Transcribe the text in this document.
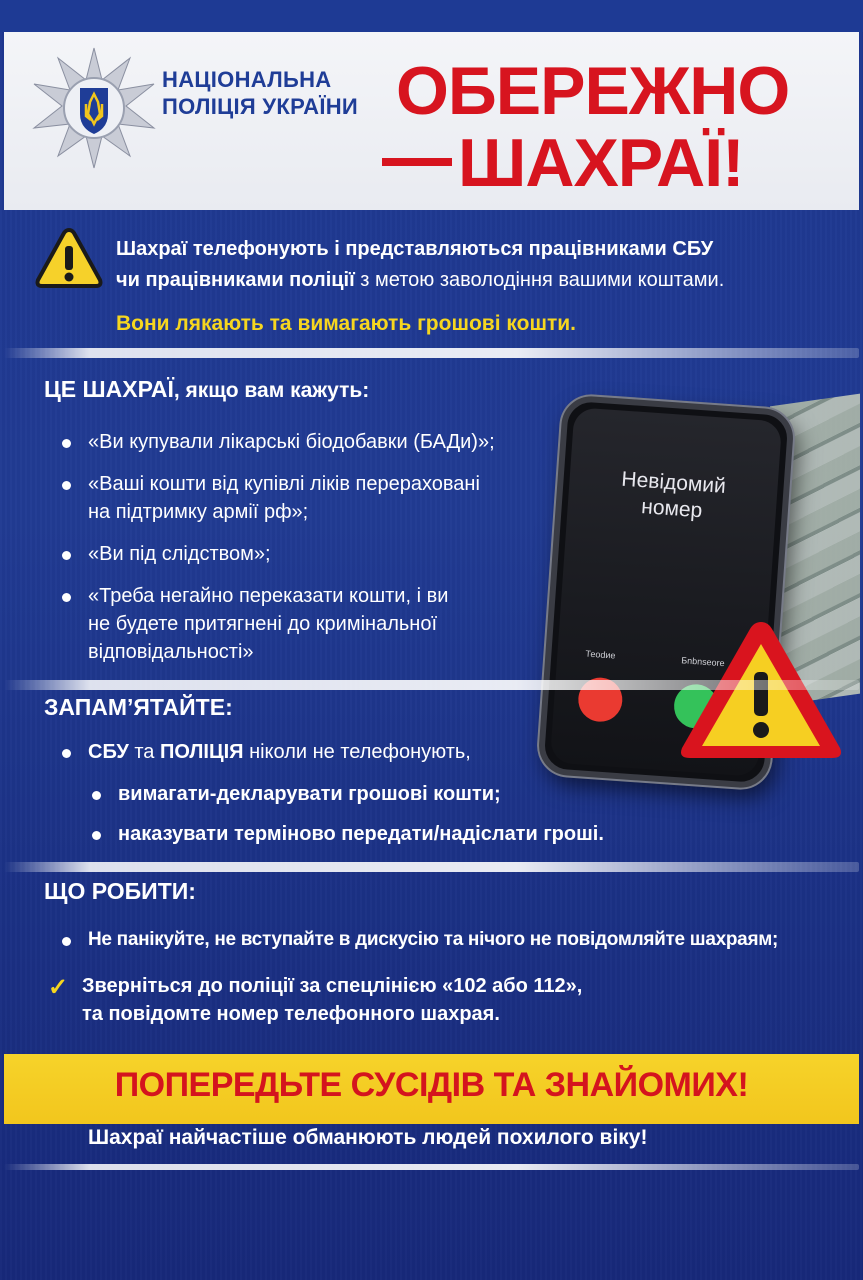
НАЦІОНАЛЬНА
ПОЛІЦІЯ УКРАЇНИ ОБЕРЕЖНО
ШАХРАЇ!
Шахраї телефонують і представляються працівниками СБУ
чи працівниками поліції з метою заволодіння вашими коштами.
Вони лякають та вимагають грошові кошти.
ЦЕ ШАХРАЇ, якщо вам кажуть:
«Ви купували лікарські біодобавки (БАДи)»;
«Ваші кошти від купівлі ліків перераховані
на підтримку армії рф»;
«Ви під слідством»;
«Треба негайно переказати кошти, і ви
не будете притягнені до кримінальної
відповідальності»
Невідомий
номер
Теоdие
Бnbnseore
ЗАПАМ’ЯТАЙТЕ:
СБУ та ПОЛІЦІЯ ніколи не телефонують,
вимагати-декларувати грошові кошти;
наказувати терміново передати/надіслати гроші.
ЩО РОБИТИ:
Не панікуйте, не вступайте в дискусію та нічого не повідомляйте шахраям;
✓ Зверніться до поліції за спецлінією «102 або 112»,
та повідомте номер телефонного шахрая.
ПОПЕРЕДЬТЕ СУСІДІВ ТА ЗНАЙОМИХ!
Шахраї найчастіше обманюють людей похилого віку!
